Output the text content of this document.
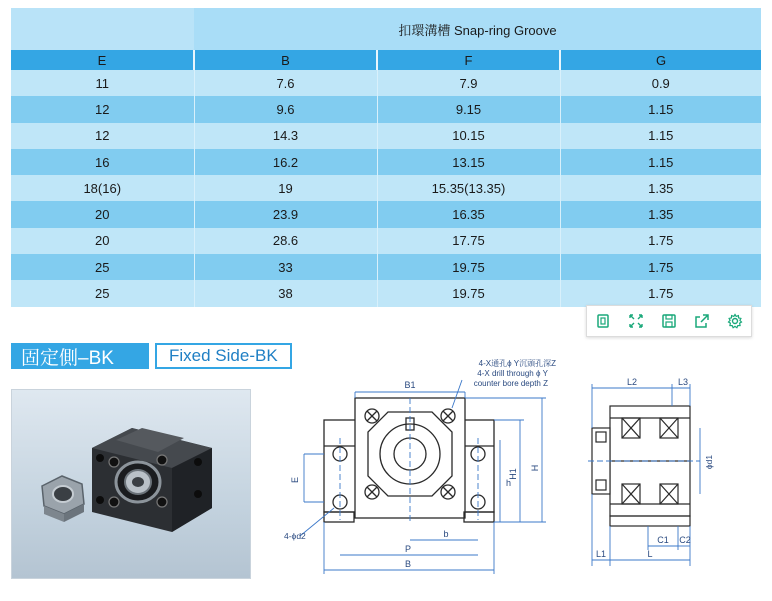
	扣環溝槽 Snap-ring Groove		
E	B	F	G
11	7.6	7.9	0.9
12	9.6	9.15	1.15
12	14.3	10.15	1.15
16	16.2	13.15	1.15
18(16)	19	15.35(13.35)	1.35
20	23.9	16.35	1.35
20	28.6	17.75	1.75
25	33	19.75	1.75
25	38	19.75	1.75
固定側–BK	Fixed Side-BK
B1
E	h
H1
H
4-ϕd2	b
P
B
4-X通孔ϕ Y沉頭孔深Z
4-X drill through ϕ Y
counter bore depth Z	L2	L3
ϕd1
C1 C2
L1	L
